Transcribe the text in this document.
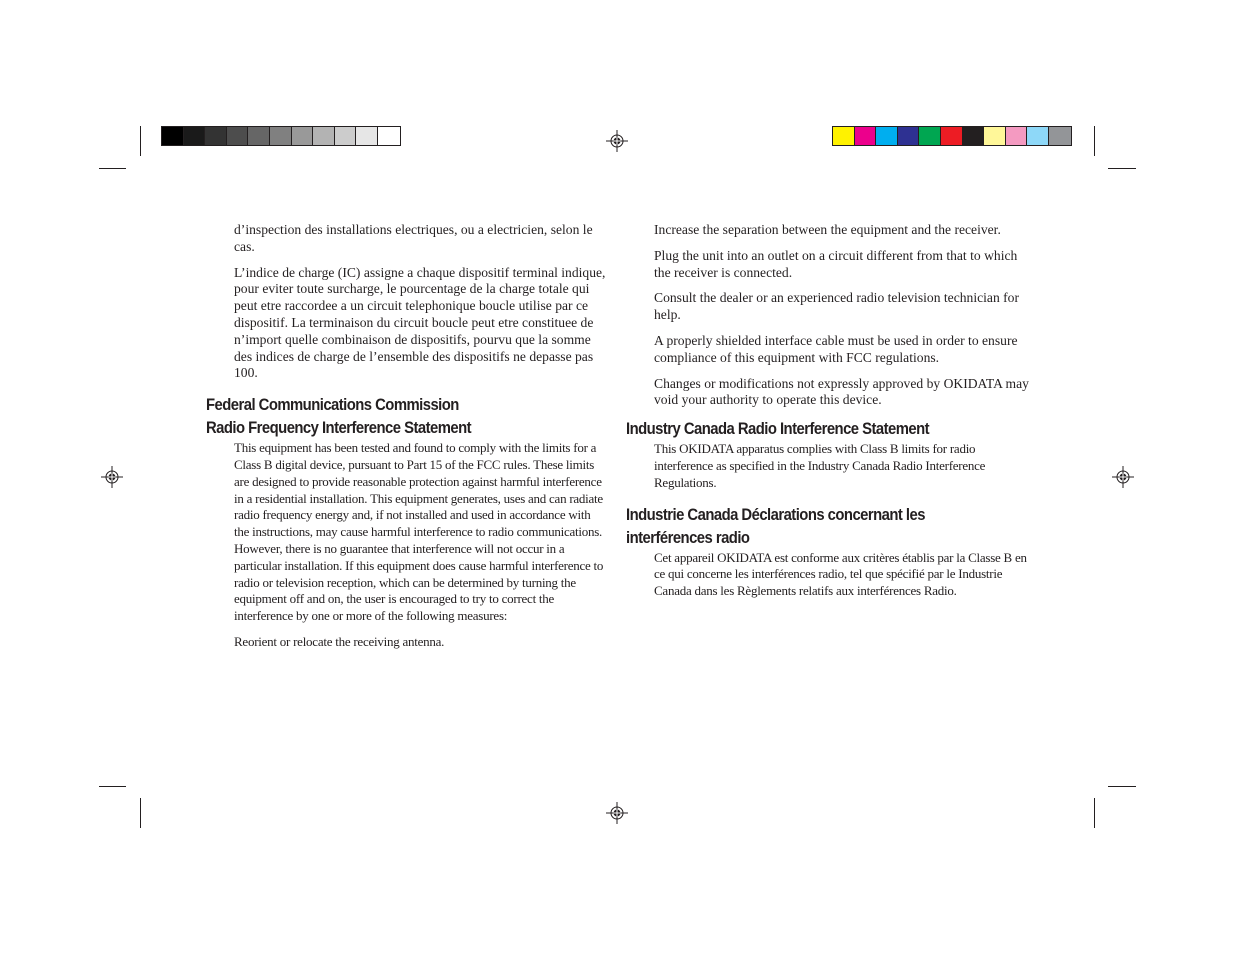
d’inspection des installations electriques, ou a electricien, selon le cas.

L’indice de charge (IC) assigne a chaque dispositif terminal indique, pour eviter toute surcharge, le pourcentage de la charge totale qui peut etre raccordee a un circuit telephonique boucle utilise par ce dispositif. La terminaison du circuit boucle peut etre constituee de n’import quelle combinaison de dispositifs, pourvu que la somme des indices de charge de l’ensemble des dispositifs ne depasse pas 100.

Federal Communications Commission
Radio Frequency Interference Statement

This equipment has been tested and found to comply with the limits for a Class B digital device, pursuant to Part 15 of the FCC rules. These limits are designed to provide reasonable protection against harmful interference in a residential installation. This equipment generates, uses and can radiate radio frequency energy and, if not installed and used in accordance with the instructions, may cause harmful interference to radio communications. However, there is no guarantee that interference will not occur in a particular installation. If this equipment does cause harmful interference to radio or television reception, which can be determined by turning the equipment off and on, the user is encouraged to try to correct the interference by one or more of the following measures:

Reorient or relocate the receiving antenna.

Increase the separation between the equipment and the receiver.

Plug the unit into an outlet on a circuit different from that to which the receiver is connected.

Consult the dealer or an experienced radio television technician for help.

A properly shielded interface cable must be used in order to ensure compliance of this equipment with FCC regulations.

Changes or modifications not expressly approved by OKIDATA may void your authority to operate this device.

Industry Canada Radio Interference Statement

This OKIDATA apparatus complies with Class B limits for radio interference as specified in the Industry Canada Radio Interference Regulations.

Industrie Canada Déclarations concernant les interférences radio

Cet appareil OKIDATA est conforme aux critères établis par la Classe B en ce qui concerne les interférences radio, tel que spécifié par le Industrie Canada dans les Règlements relatifs aux interférences Radio.
